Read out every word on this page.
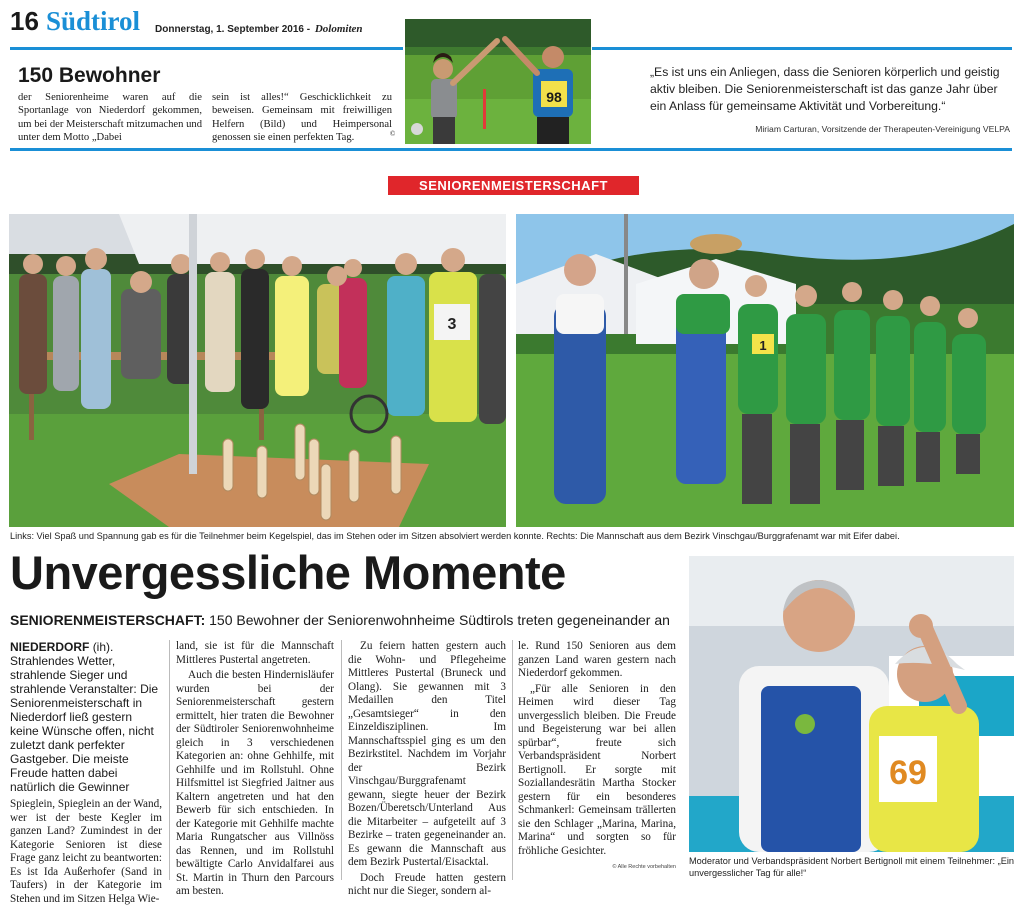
16 Südtirol Donnerstag, 1. September 2016 - Dolomiten
98
150 Bewohner
der Seniorenheime waren auf die Sportanlage von Niederdorf gekommen, um bei der Meisterschaft mitzumachen und unter dem Motto „Dabei
sein ist alles!“ Geschicklichkeit zu beweisen. Gemeinsam mit freiwilligen Helfern (Bild) und Heimpersonal genossen sie einen perfekten Tag.	©
„Es ist uns ein Anliegen, dass die Senioren körperlich und geistig aktiv bleiben. Die Seniorenmeisterschaft ist das ganze Jahr über ein Anlass für gemeinsame Aktivität und Vorbereitung.“
Miriam Carturan, Vorsitzende der Therapeuten-Vereinigung VELPA
SENIORENMEISTERSCHAFT
3
1
Links: Viel Spaß und Spannung gab es für die Teilnehmer beim Kegelspiel, das im Stehen oder im Sitzen absolviert werden konnte. Rechts: Die Mannschaft aus dem Bezirk Vinschgau/Burggrafenamt war mit Eifer dabei.
Unvergessliche Momente
SENIORENMEISTERSCHAFT: 150 Bewohner der Seniorenwohnheime Südtirols treten gegeneinander an

NIEDERDORF (ih). Strahlendes Wetter, strahlende Sieger und strahlende Veranstalter: Die Seniorenmeisterschaft in Niederdorf ließ gestern keine Wünsche offen, nicht zuletzt dank perfekter Gastgeber. Die meiste Freude hatten dabei natürlich die Gewinner

Spieglein, Spieglein an der Wand, wer ist der beste Kegler im ganzen Land? Zumindest in der Kategorie Senioren ist diese Frage ganz leicht zu beantworten: Es ist Ida Außerhofer (Sand in Taufers) in der Kategorie im Stehen und im Sitzen Helga Wie-

land, sie ist für die Mannschaft Mittleres Pustertal angetreten.

Auch die besten Hindernisläufer wurden bei der Seniorenmeisterschaft gestern ermittelt, hier traten die Bewohner der Südtiroler Seniorenwohnheime gleich in 3 verschiedenen Kategorien an: ohne Gehhilfe, mit Gehhilfe und im Rollstuhl. Ohne Hilfsmittel ist Siegfried Jaitner aus Kaltern angetreten und hat den Bewerb für sich entschieden. In der Kategorie mit Gehhilfe machte Maria Rungatscher aus Villnöss das Rennen, und im Rollstuhl bewältigte Carlo Anvidalfarei aus St. Martin in Thurn den Parcours am besten.

Zu feiern hatten gestern auch die Wohn- und Pflegeheime Mittleres Pustertal (Bruneck und Olang). Sie gewannen mit 3 Medaillen den Titel „Gesamtsieger“ in den Einzeldisziplinen. Im Mannschaftsspiel ging es um den Bezirkstitel. Nachdem im Vorjahr der Bezirk Vinschgau/Burggrafenamt gewann, siegte heuer der Bezirk Bozen/Überetsch/Unterland Aus die Mitarbeiter – aufgeteilt auf 3 Bezirke – traten gegeneinander an. Es gewann die Mannschaft aus dem Bezirk Pustertal/Eisacktal.

Doch Freude hatten gestern nicht nur die Sieger, sondern al-

le. Rund 150 Senioren aus dem ganzen Land waren gestern nach Niederdorf gekommen.

„Für alle Senioren in den Heimen wird dieser Tag unvergesslich bleiben. Die Freude und Begeisterung war bei allen spürbar“, freute sich Verbandspräsident Norbert Bertignoll. Er sorgte mit Soziallandesrätin Martha Stocker gestern für ein besonderes Schmankerl: Gemeinsam trällerten sie den Schlager „Marina, Marina, Marina“ und sorgten so für fröhliche Gesichter.

© Alle Rechte vorbehalten

69
Moderator und Verbandspräsident Norbert Bertignoll mit einem Teilnehmer: „Ein unvergesslicher Tag für alle!“
